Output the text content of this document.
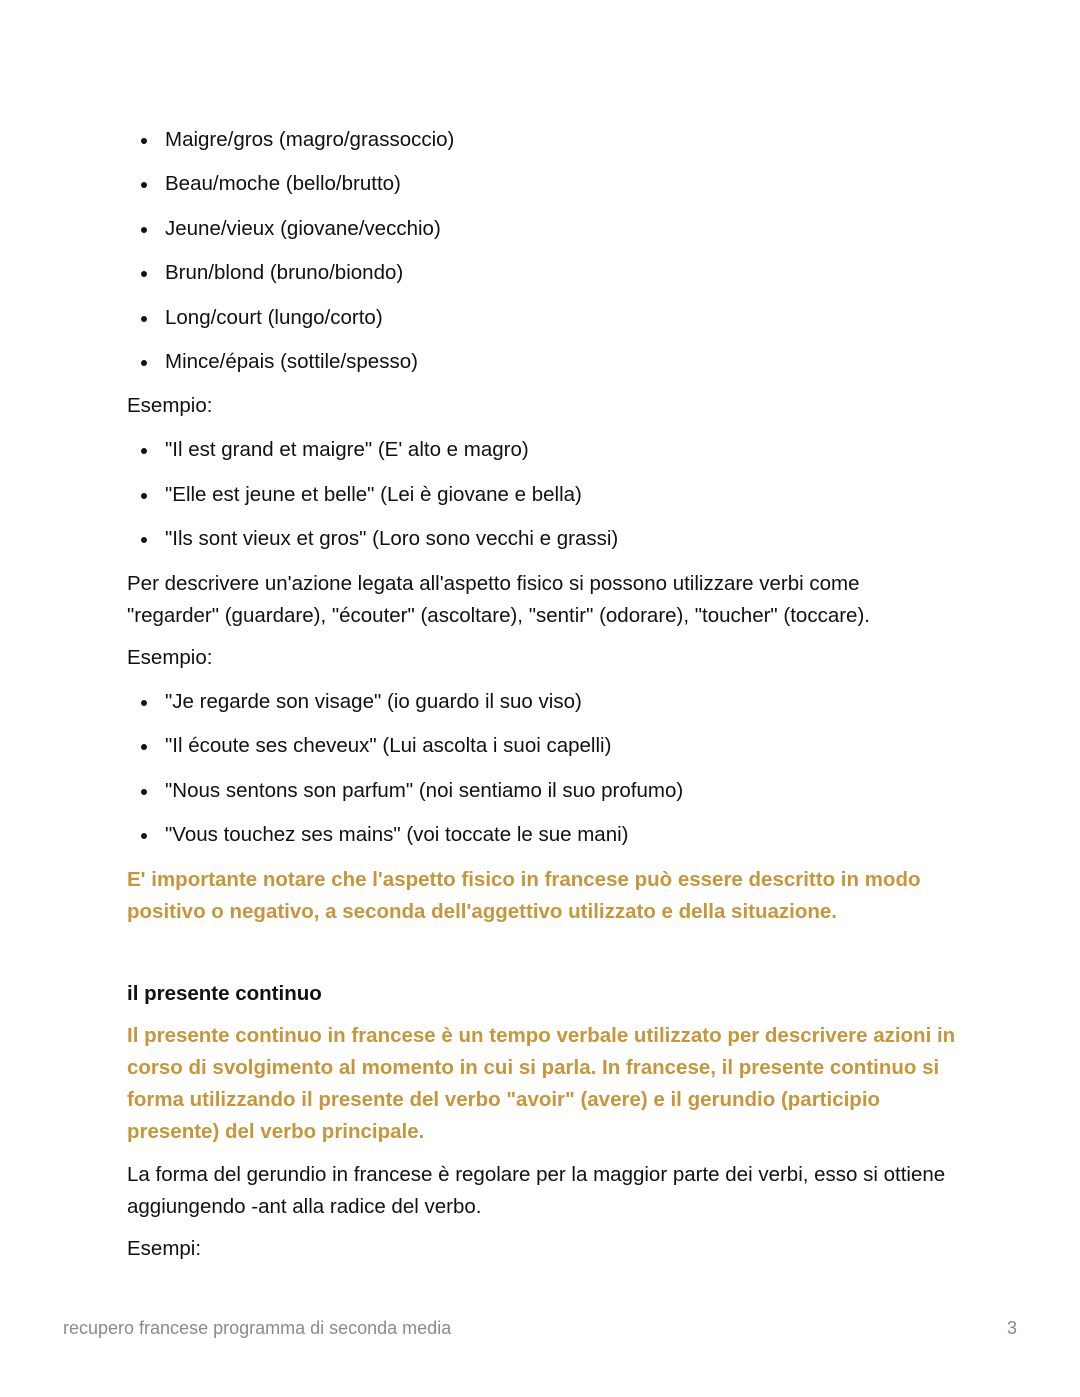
Maigre/gros (magro/grassoccio)
Beau/moche (bello/brutto)
Jeune/vieux (giovane/vecchio)
Brun/blond (bruno/biondo)
Long/court (lungo/corto)
Mince/épais (sottile/spesso)

Esempio:

"Il est grand et maigre" (E' alto e magro)
"Elle est jeune et belle" (Lei è giovane e bella)
"Ils sont vieux et gros" (Loro sono vecchi e grassi)

Per descrivere un'azione legata all'aspetto fisico si possono utilizzare verbi come "regarder" (guardare), "écouter" (ascoltare), "sentir" (odorare), "toucher" (toccare).

Esempio:

"Je regarde son visage" (io guardo il suo viso)
"Il écoute ses cheveux" (Lui ascolta i suoi capelli)
"Nous sentons son parfum" (noi sentiamo il suo profumo)
"Vous touchez ses mains" (voi toccate le sue mani)

E' importante notare che l'aspetto fisico in francese può essere descritto in modo positivo o negativo, a seconda dell'aggettivo utilizzato e della situazione.

il presente continuo

Il presente continuo in francese è un tempo verbale utilizzato per descrivere azioni in corso di svolgimento al momento in cui si parla. In francese, il presente continuo si forma utilizzando il presente del verbo "avoir" (avere) e il gerundio (participio presente) del verbo principale.

La forma del gerundio in francese è regolare per la maggior parte dei verbi, esso si ottiene aggiungendo -ant alla radice del verbo.

Esempi:

recupero francese programma di seconda media	3
